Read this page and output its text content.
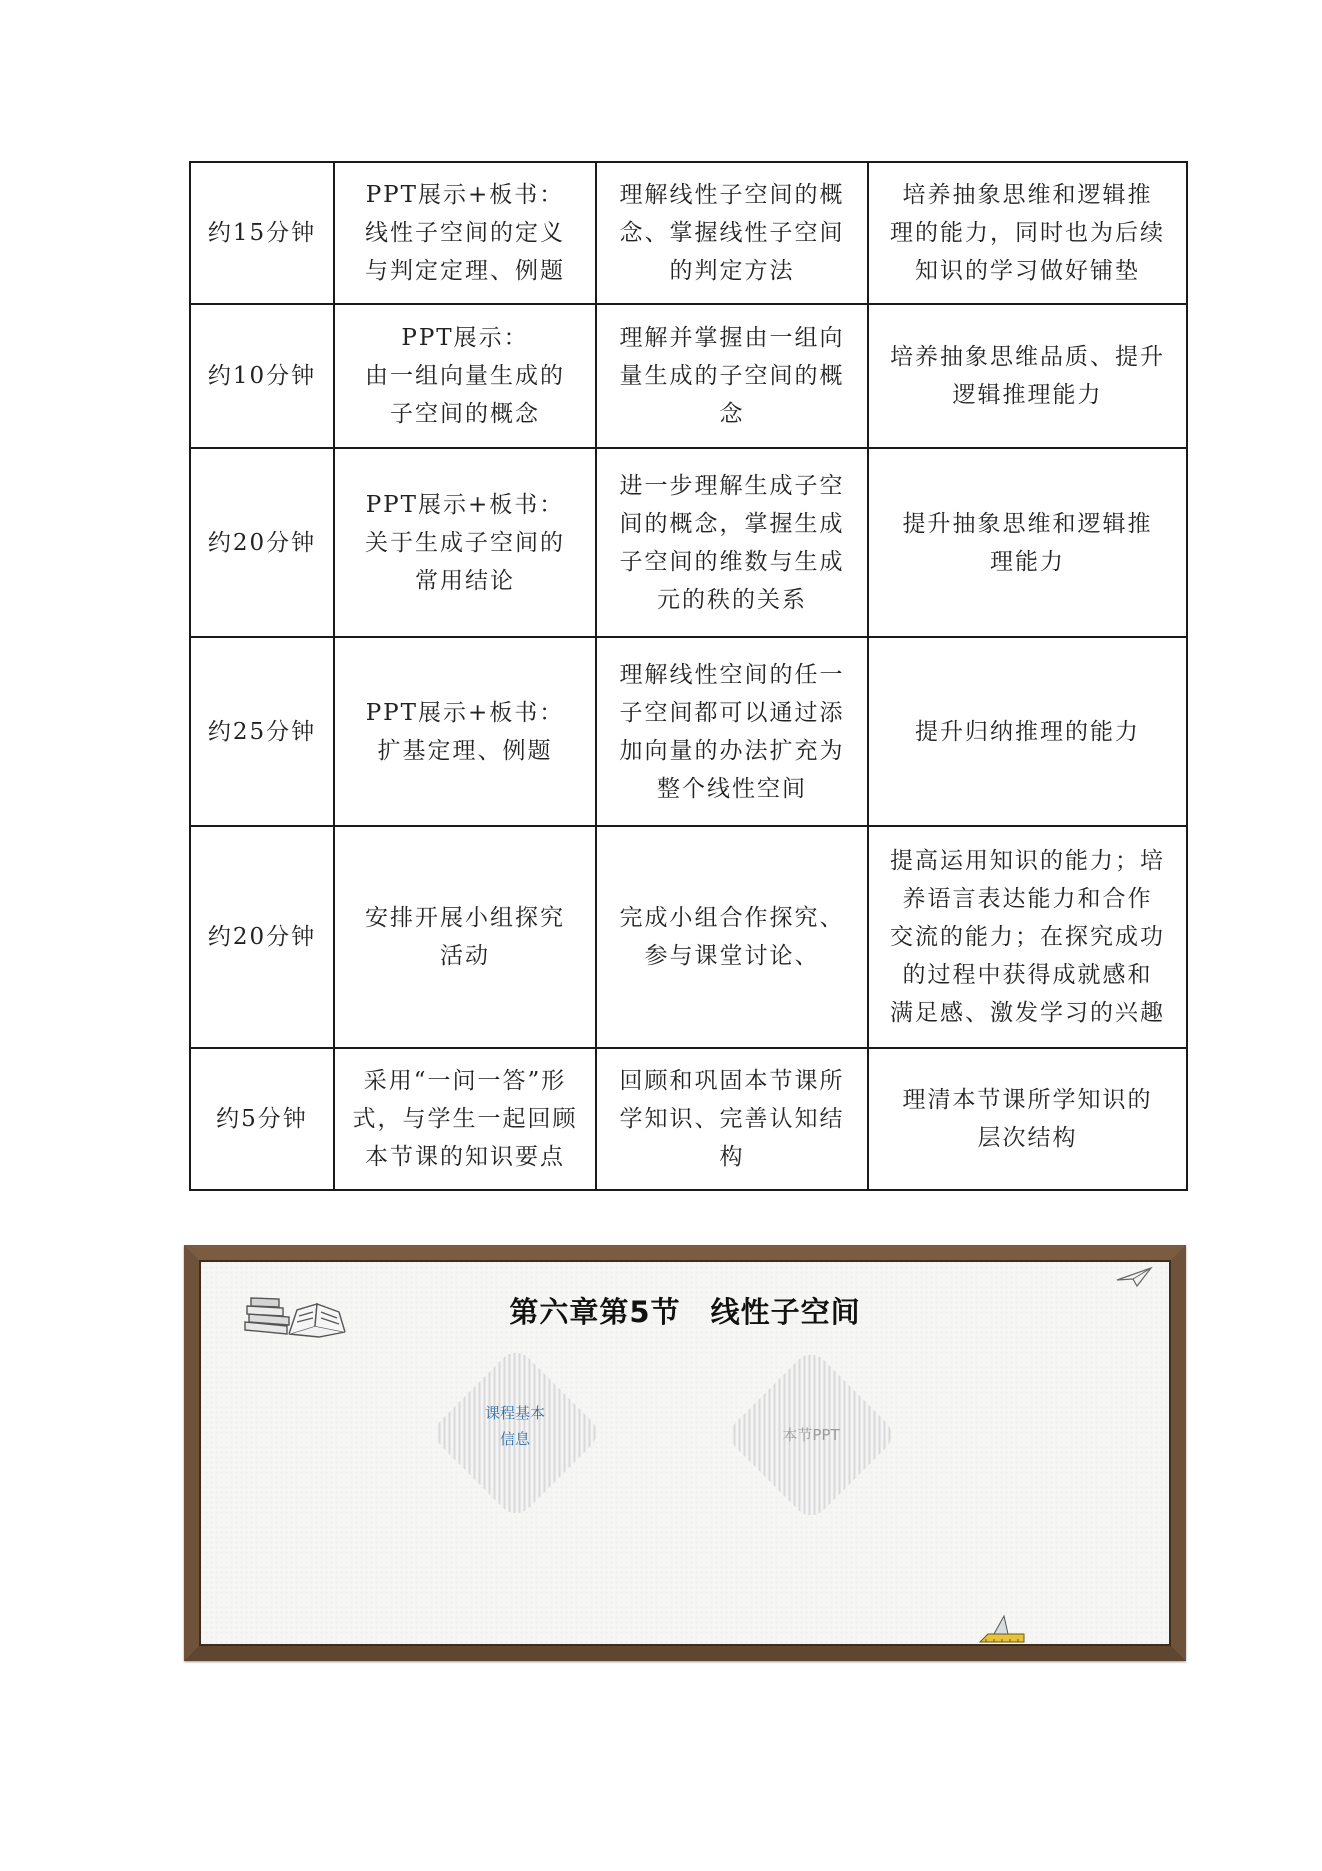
约15分钟	PPT展示+板书：
线性子空间的定义
与判定定理、例题	理解线性子空间的概
念、掌握线性子空间
的判定方法	培养抽象思维和逻辑推
理的能力，同时也为后续
知识的学习做好铺垫
约10分钟	PPT展示：
由一组向量生成的
子空间的概念	理解并掌握由一组向
量生成的子空间的概
念	培养抽象思维品质、提升
逻辑推理能力
约20分钟	PPT展示+板书：
关于生成子空间的
常用结论	进一步理解生成子空
间的概念，掌握生成
子空间的维数与生成
元的秩的关系	提升抽象思维和逻辑推
理能力
约25分钟	PPT展示+板书：
扩基定理、例题	理解线性空间的任一
子空间都可以通过添
加向量的办法扩充为
整个线性空间	提升归纳推理的能力
约20分钟	安排开展小组探究
活动	完成小组合作探究、
参与课堂讨论、	提高运用知识的能力；培
养语言表达能力和合作
交流的能力；在探究成功
的过程中获得成就感和
满足感、激发学习的兴趣
约5分钟	采用“一问一答”形
式，与学生一起回顾
本节课的知识要点	回顾和巩固本节课所
学知识、完善认知结
构	理清本节课所学知识的
层次结构
第六章第5节　线性子空间
课程基本
信息	本节PPT
